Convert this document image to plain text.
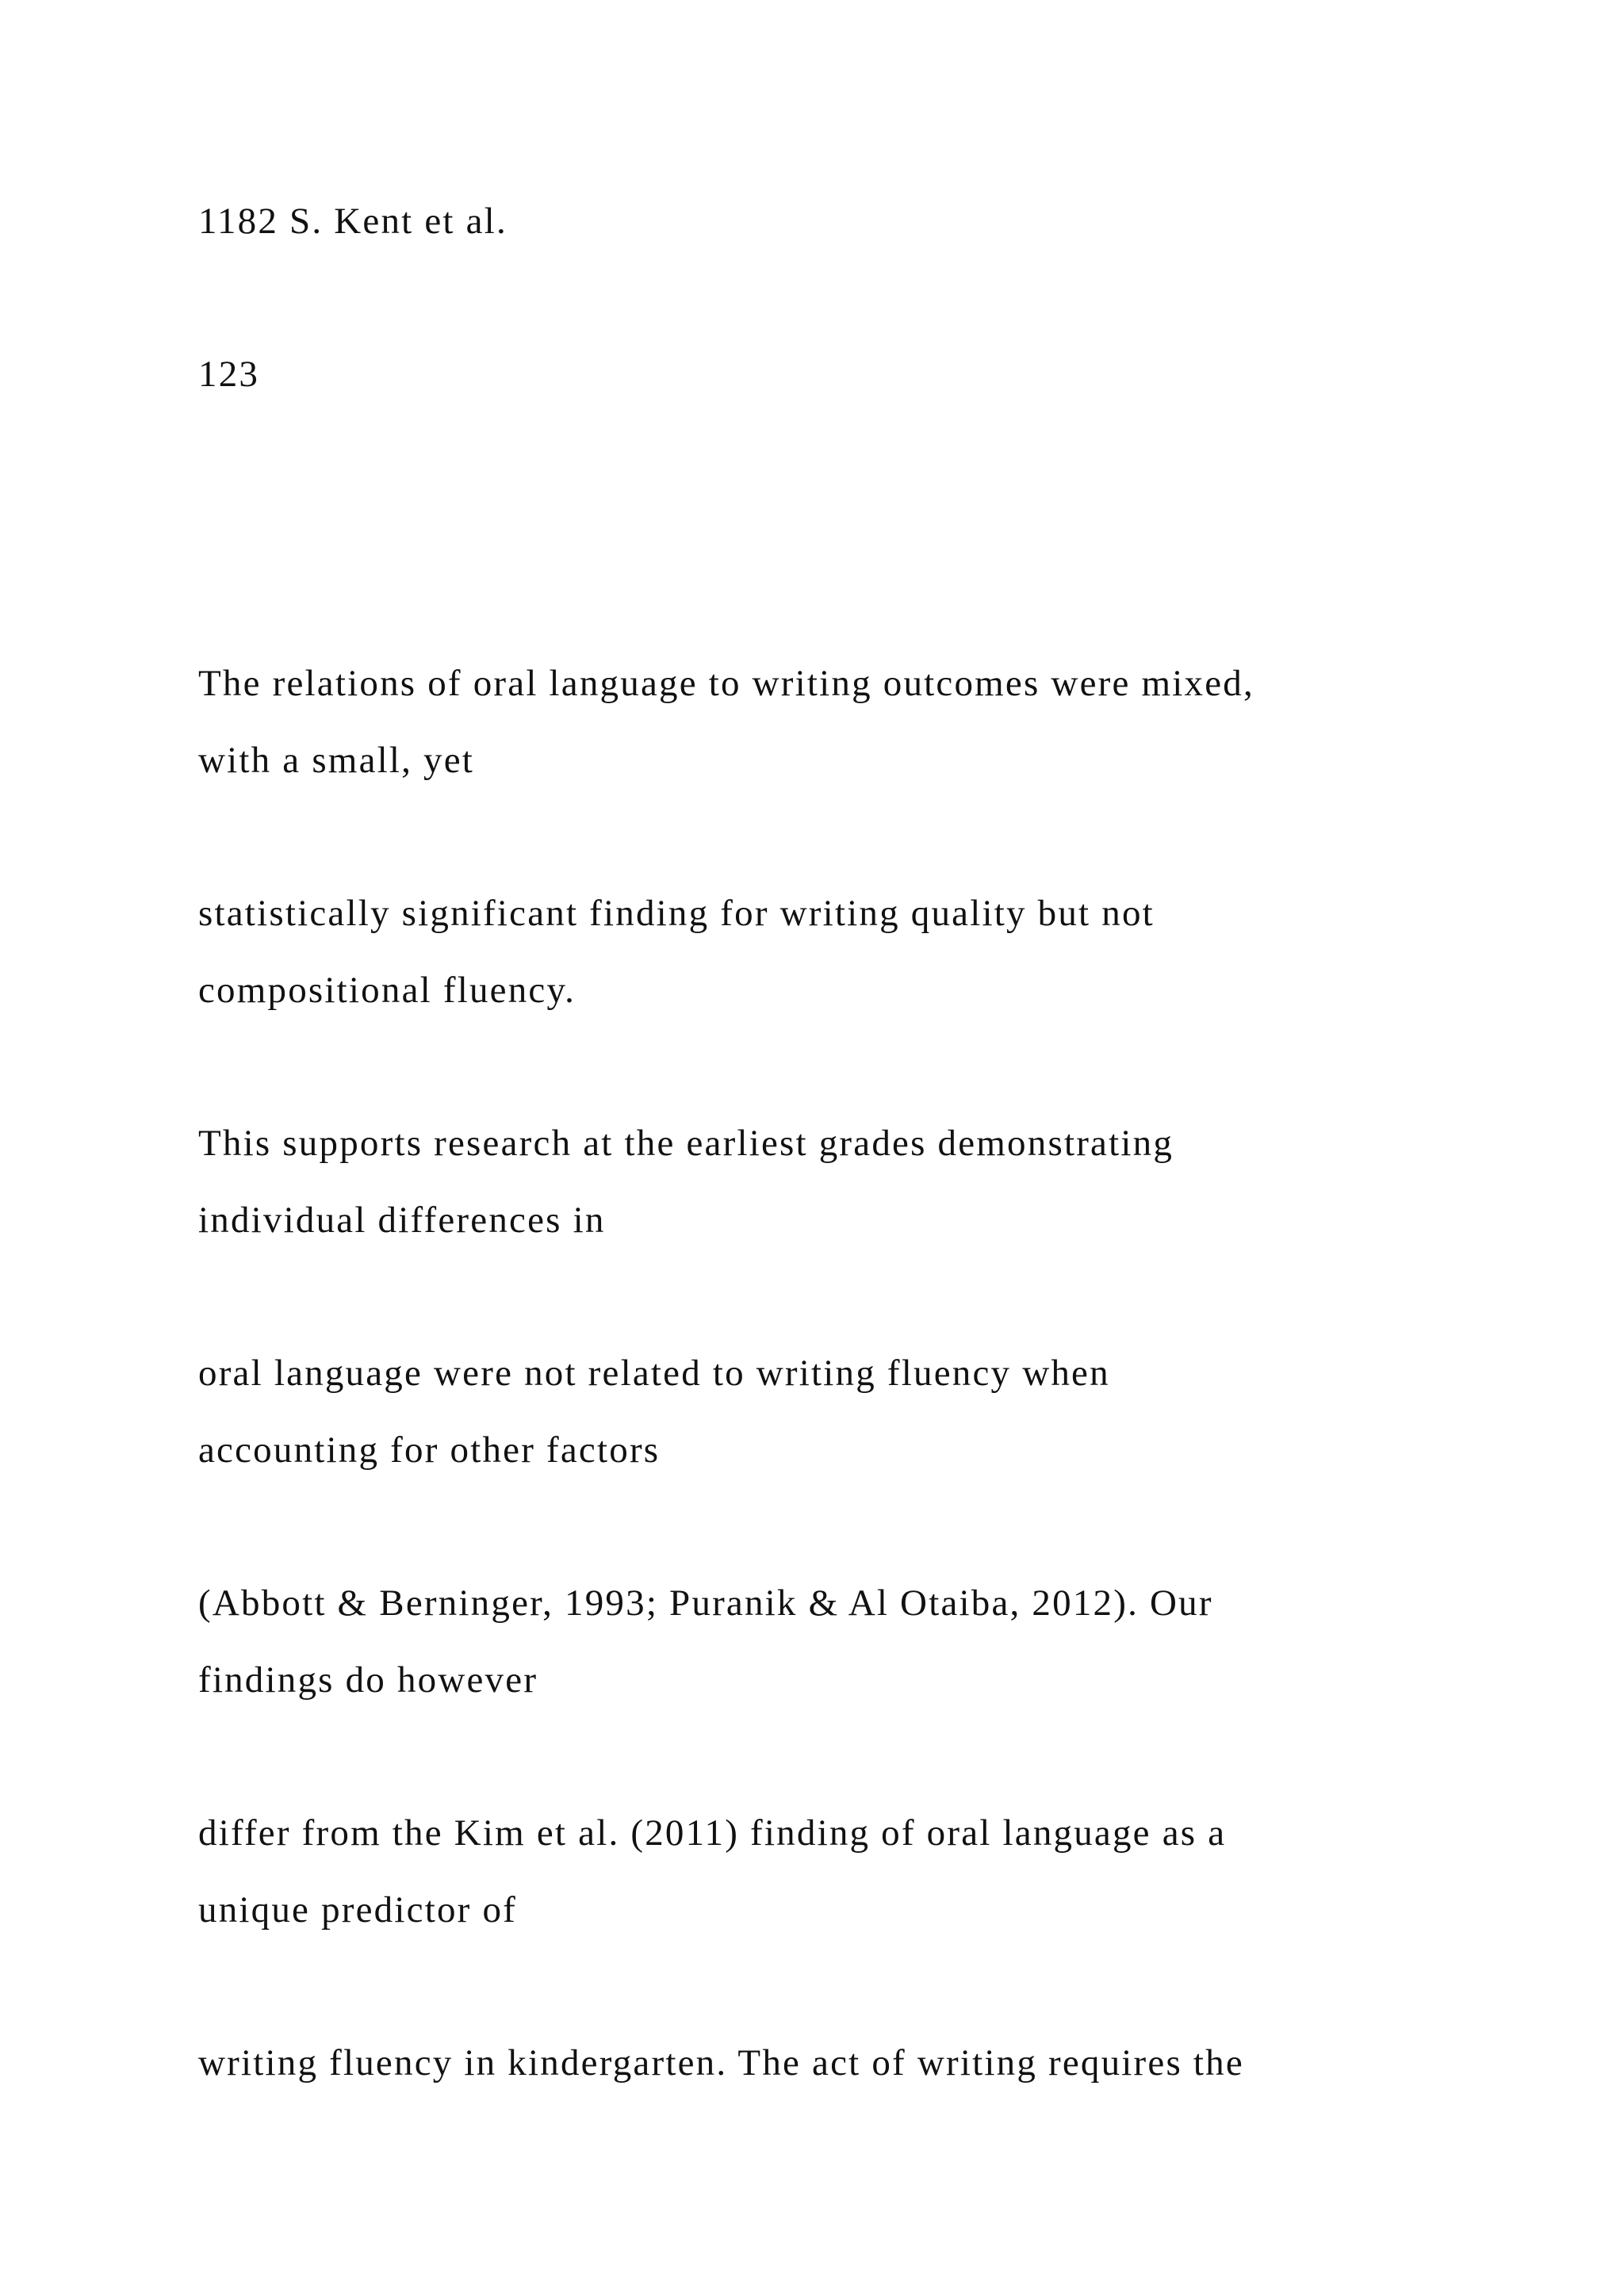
1182 S. Kent et al.
123
The relations of oral language to writing outcomes were mixed,
with a small, yet
statistically significant finding for writing quality but not
compositional fluency.
This supports research at the earliest grades demonstrating
individual differences in
oral language were not related to writing fluency when
accounting for other factors
(Abbott & Berninger, 1993; Puranik & Al Otaiba, 2012). Our
findings do however
differ from the Kim et al. (2011) finding of oral language as a
unique predictor of
writing fluency in kindergarten. The act of writing requires the
